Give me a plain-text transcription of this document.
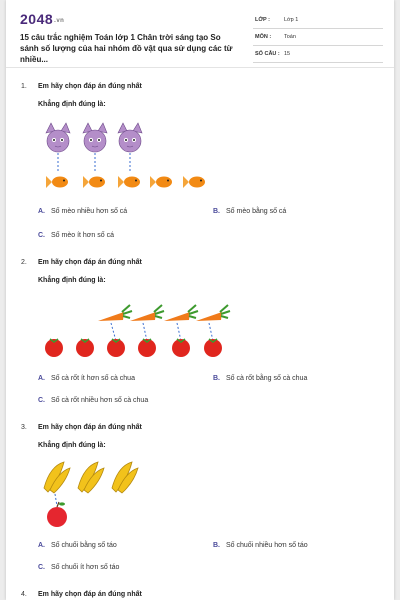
2048.vn
15 câu trắc nghiệm Toán lớp 1 Chân trời sáng tạo So sánh số lượng của hai nhóm đồ vật qua sử dụng các từ nhiều...
LỚP :	Lớp 1
MÔN : Toán
SỐ CÂU : 15
1. Em hãy chọn đáp án đúng nhất
Khẳng định đúng là:
A. Số mèo nhiều hơn số cá	B. Số mèo bằng số cá
C. Số mèo ít hơn số cá
2. Em hãy chọn đáp án đúng nhất
Khẳng định đúng là:
A. Số cà rốt ít hơn số cà chua	B. Số cà rốt bằng số cà chua
C. Số cà rốt nhiều hơn số cà chua
3. Em hãy chọn đáp án đúng nhất
Khẳng định đúng là:
A. Số chuối bằng số táo	B. Số chuối nhiều hơn số táo
C. Số chuối ít hơn số táo
4. Em hãy chọn đáp án đúng nhất
